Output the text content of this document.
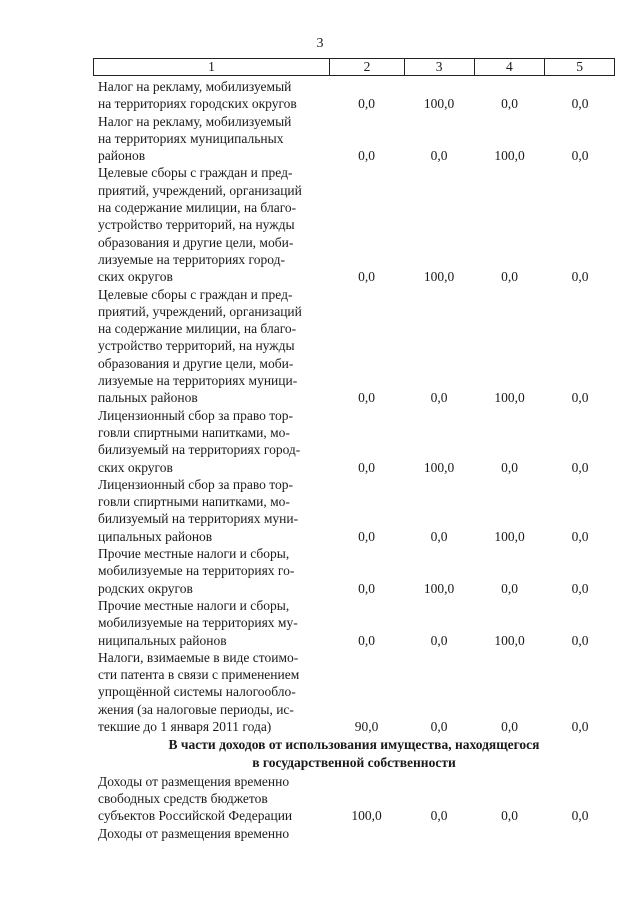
3
1	2	3	4	5
Налог на рекламу, мобилизуемый
на территориях городских округов	0,0	100,0	0,0	0,0
Налог на рекламу, мобилизуемый
на территориях муниципальных
районов	0,0	0,0	100,0	0,0
Целевые сборы с граждан и пред-
приятий, учреждений, организаций
на содержание милиции, на благо-
устройство территорий, на нужды
образования и другие цели, моби-
лизуемые на территориях город-
ских округов	0,0	100,0	0,0	0,0
Целевые сборы с граждан и пред-
приятий, учреждений, организаций
на содержание милиции, на благо-
устройство территорий, на нужды
образования и другие цели, моби-
лизуемые на территориях муници-
пальных районов	0,0	0,0	100,0	0,0
Лицензионный сбор за право тор-
говли спиртными напитками, мо-
билизуемый на территориях город-
ских округов	0,0	100,0	0,0	0,0
Лицензионный сбор за право тор-
говли спиртными напитками, мо-
билизуемый на территориях муни-
ципальных районов	0,0	0,0	100,0	0,0
Прочие местные налоги и сборы,
мобилизуемые на территориях го-
родских округов	0,0	100,0	0,0	0,0
Прочие местные налоги и сборы,
мобилизуемые на территориях му-
ниципальных районов	0,0	0,0	100,0	0,0
Налоги, взимаемые в виде стоимо-
сти патента в связи с применением
упрощённой системы налогообло-
жения (за налоговые периоды, ис-
текшие до 1 января 2011 года)	90,0	0,0	0,0	0,0
В части доходов от использования имущества, находящегося
в государственной собственности
Доходы от размещения временно
свободных средств бюджетов
субъектов Российской Федерации	100,0	0,0	0,0	0,0
Доходы от размещения временно
